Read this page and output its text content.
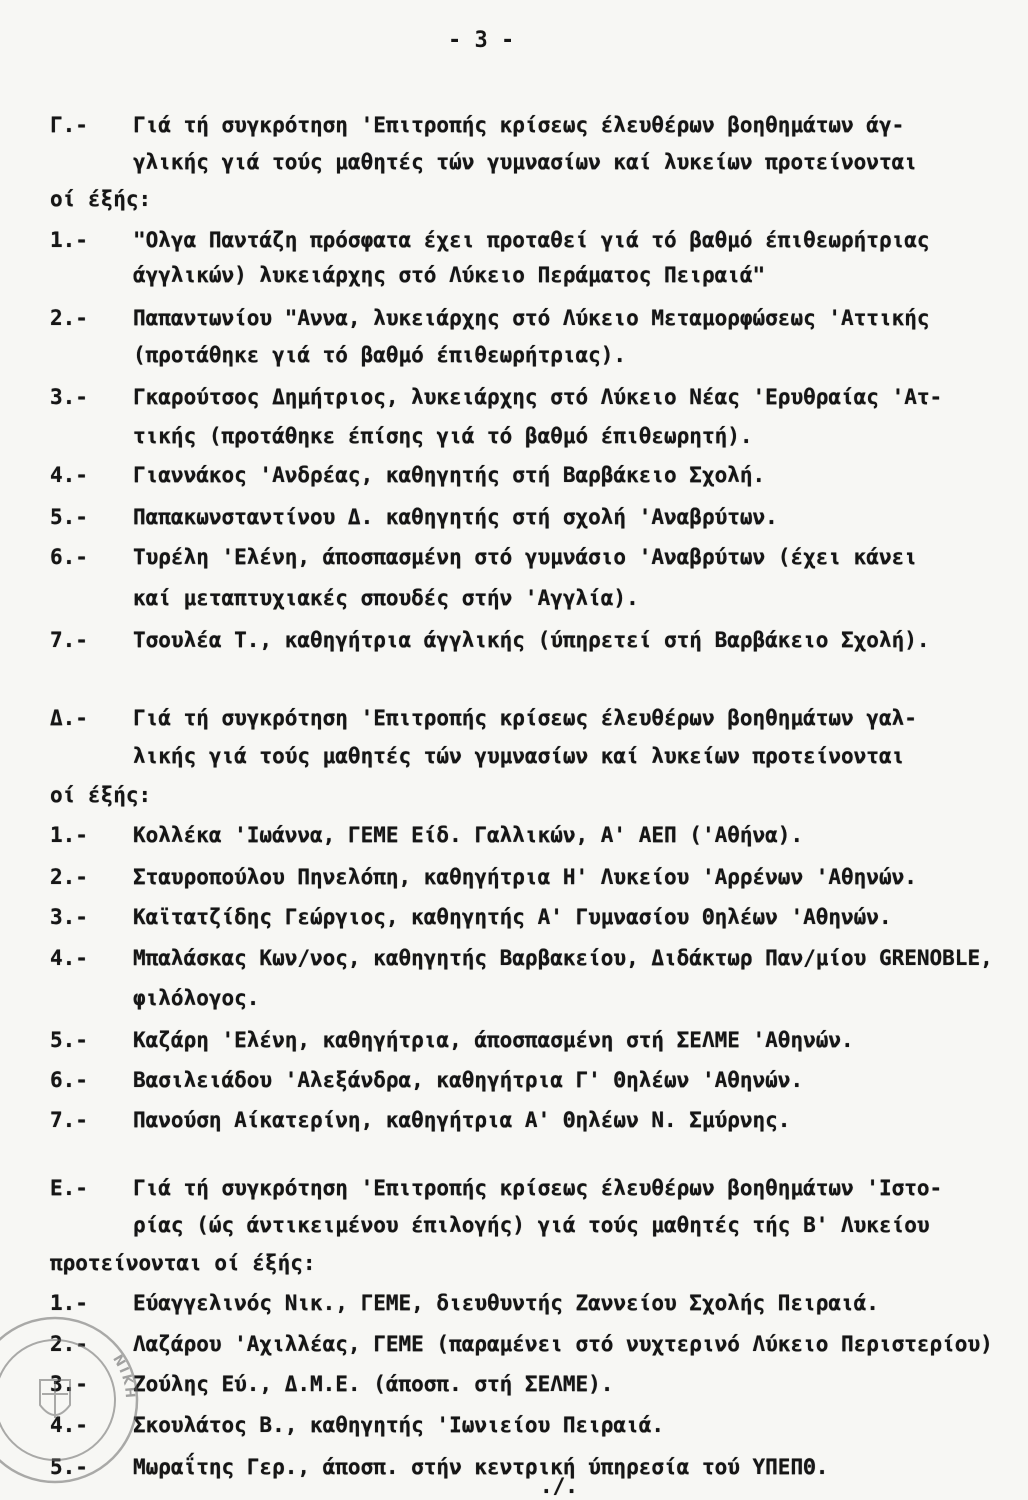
- 3 -
Γ.- Γιά τή συγκρότηση 'Επιτροπής κρίσεως έλευθέρων βοηθημάτων άγ-
γλικής γιά τούς μαθητές τών γυμνασίων καί λυκείων προτείνονται
οί έξής:
1.- "Ολγα Παντάζη πρόσφατα έχει προταθεί γιά τό βαθμό έπιθεωρήτριας
άγγλικών) λυκειάρχης στό Λύκειο Περάματος Πειραιά"
2.- Παπαντωνίου "Αννα, λυκειάρχης στό Λύκειο Μεταμορφώσεως 'Αττικής
(προτάθηκε γιά τό βαθμό έπιθεωρήτριας).
3.- Γκαρούτσος Δημήτριος, λυκειάρχης στό Λύκειο Νέας 'Ερυθραίας 'Ατ-
τικής (προτάθηκε έπίσης γιά τό βαθμό έπιθεωρητή).
4.- Γιαννάκος 'Ανδρέας, καθηγητής στή Βαρβάκειο Σχολή.
5.- Παπακωνσταντίνου Δ. καθηγητής στή σχολή 'Αναβρύτων.
6.- Τυρέλη 'Ελένη, άποσπασμένη στό γυμνάσιο 'Αναβρύτων (έχει κάνει
καί μεταπτυχιακές σπουδές στήν 'Αγγλία).
7.- Τσουλέα Τ., καθηγήτρια άγγλικής (ύπηρετεί στή Βαρβάκειο Σχολή).
Δ.- Γιά τή συγκρότηση 'Επιτροπής κρίσεως έλευθέρων βοηθημάτων γαλ-
λικής γιά τούς μαθητές τών γυμνασίων καί λυκείων προτείνονται
οί έξής:
1.- Κολλέκα 'Ιωάννα, ΓΕΜΕ Είδ. Γαλλικών, Α' ΑΕΠ ('Αθήνα).
2.- Σταυροπούλου Πηνελόπη, καθηγήτρια Η' Λυκείου 'Αρρένων 'Αθηνών.
3.- Καϊτατζίδης Γεώργιος, καθηγητής Α' Γυμνασίου Θηλέων 'Αθηνών.
4.- Μπαλάσκας Κων/νος, καθηγητής Βαρβακείου, Διδάκτωρ Παν/μίου GRENOBLE,
φιλόλογος.
5.- Καζάρη 'Ελένη, καθηγήτρια, άποσπασμένη στή ΣΕΛΜΕ 'Αθηνών.
6.- Βασιλειάδου 'Αλεξάνδρα, καθηγήτρια Γ' Θηλέων 'Αθηνών.
7.- Πανούση Αίκατερίνη, καθηγήτρια Α' Θηλέων Ν. Σμύρνης.
Ε.- Γιά τή συγκρότηση 'Επιτροπής κρίσεως έλευθέρων βοηθημάτων 'Ιστο-
ρίας (ώς άντικειμένου έπιλογής) γιά τούς μαθητές τής Β' Λυκείου
προτείνονται οί έξής:
1.- Εύαγγελινός Νικ., ΓΕΜΕ, διευθυντής Ζαννείου Σχολής Πειραιά.
2.- Λαζάρου 'Αχιλλέας, ΓΕΜΕ (παραμένει στό νυχτερινό Λύκειο Περιστερίου)
3.- Ζούλης Εύ., Δ.Μ.Ε. (άποσπ. στή ΣΕΛΜΕ).
4.- Σκουλάτος Β., καθηγητής 'Ιωνιείου Πειραιά.
5.- Μωραΐτης Γερ., άποσπ. στήν κεντρική ύπηρεσία τού ΥΠΕΠΘ.
./.
ΝΙΚΗ
